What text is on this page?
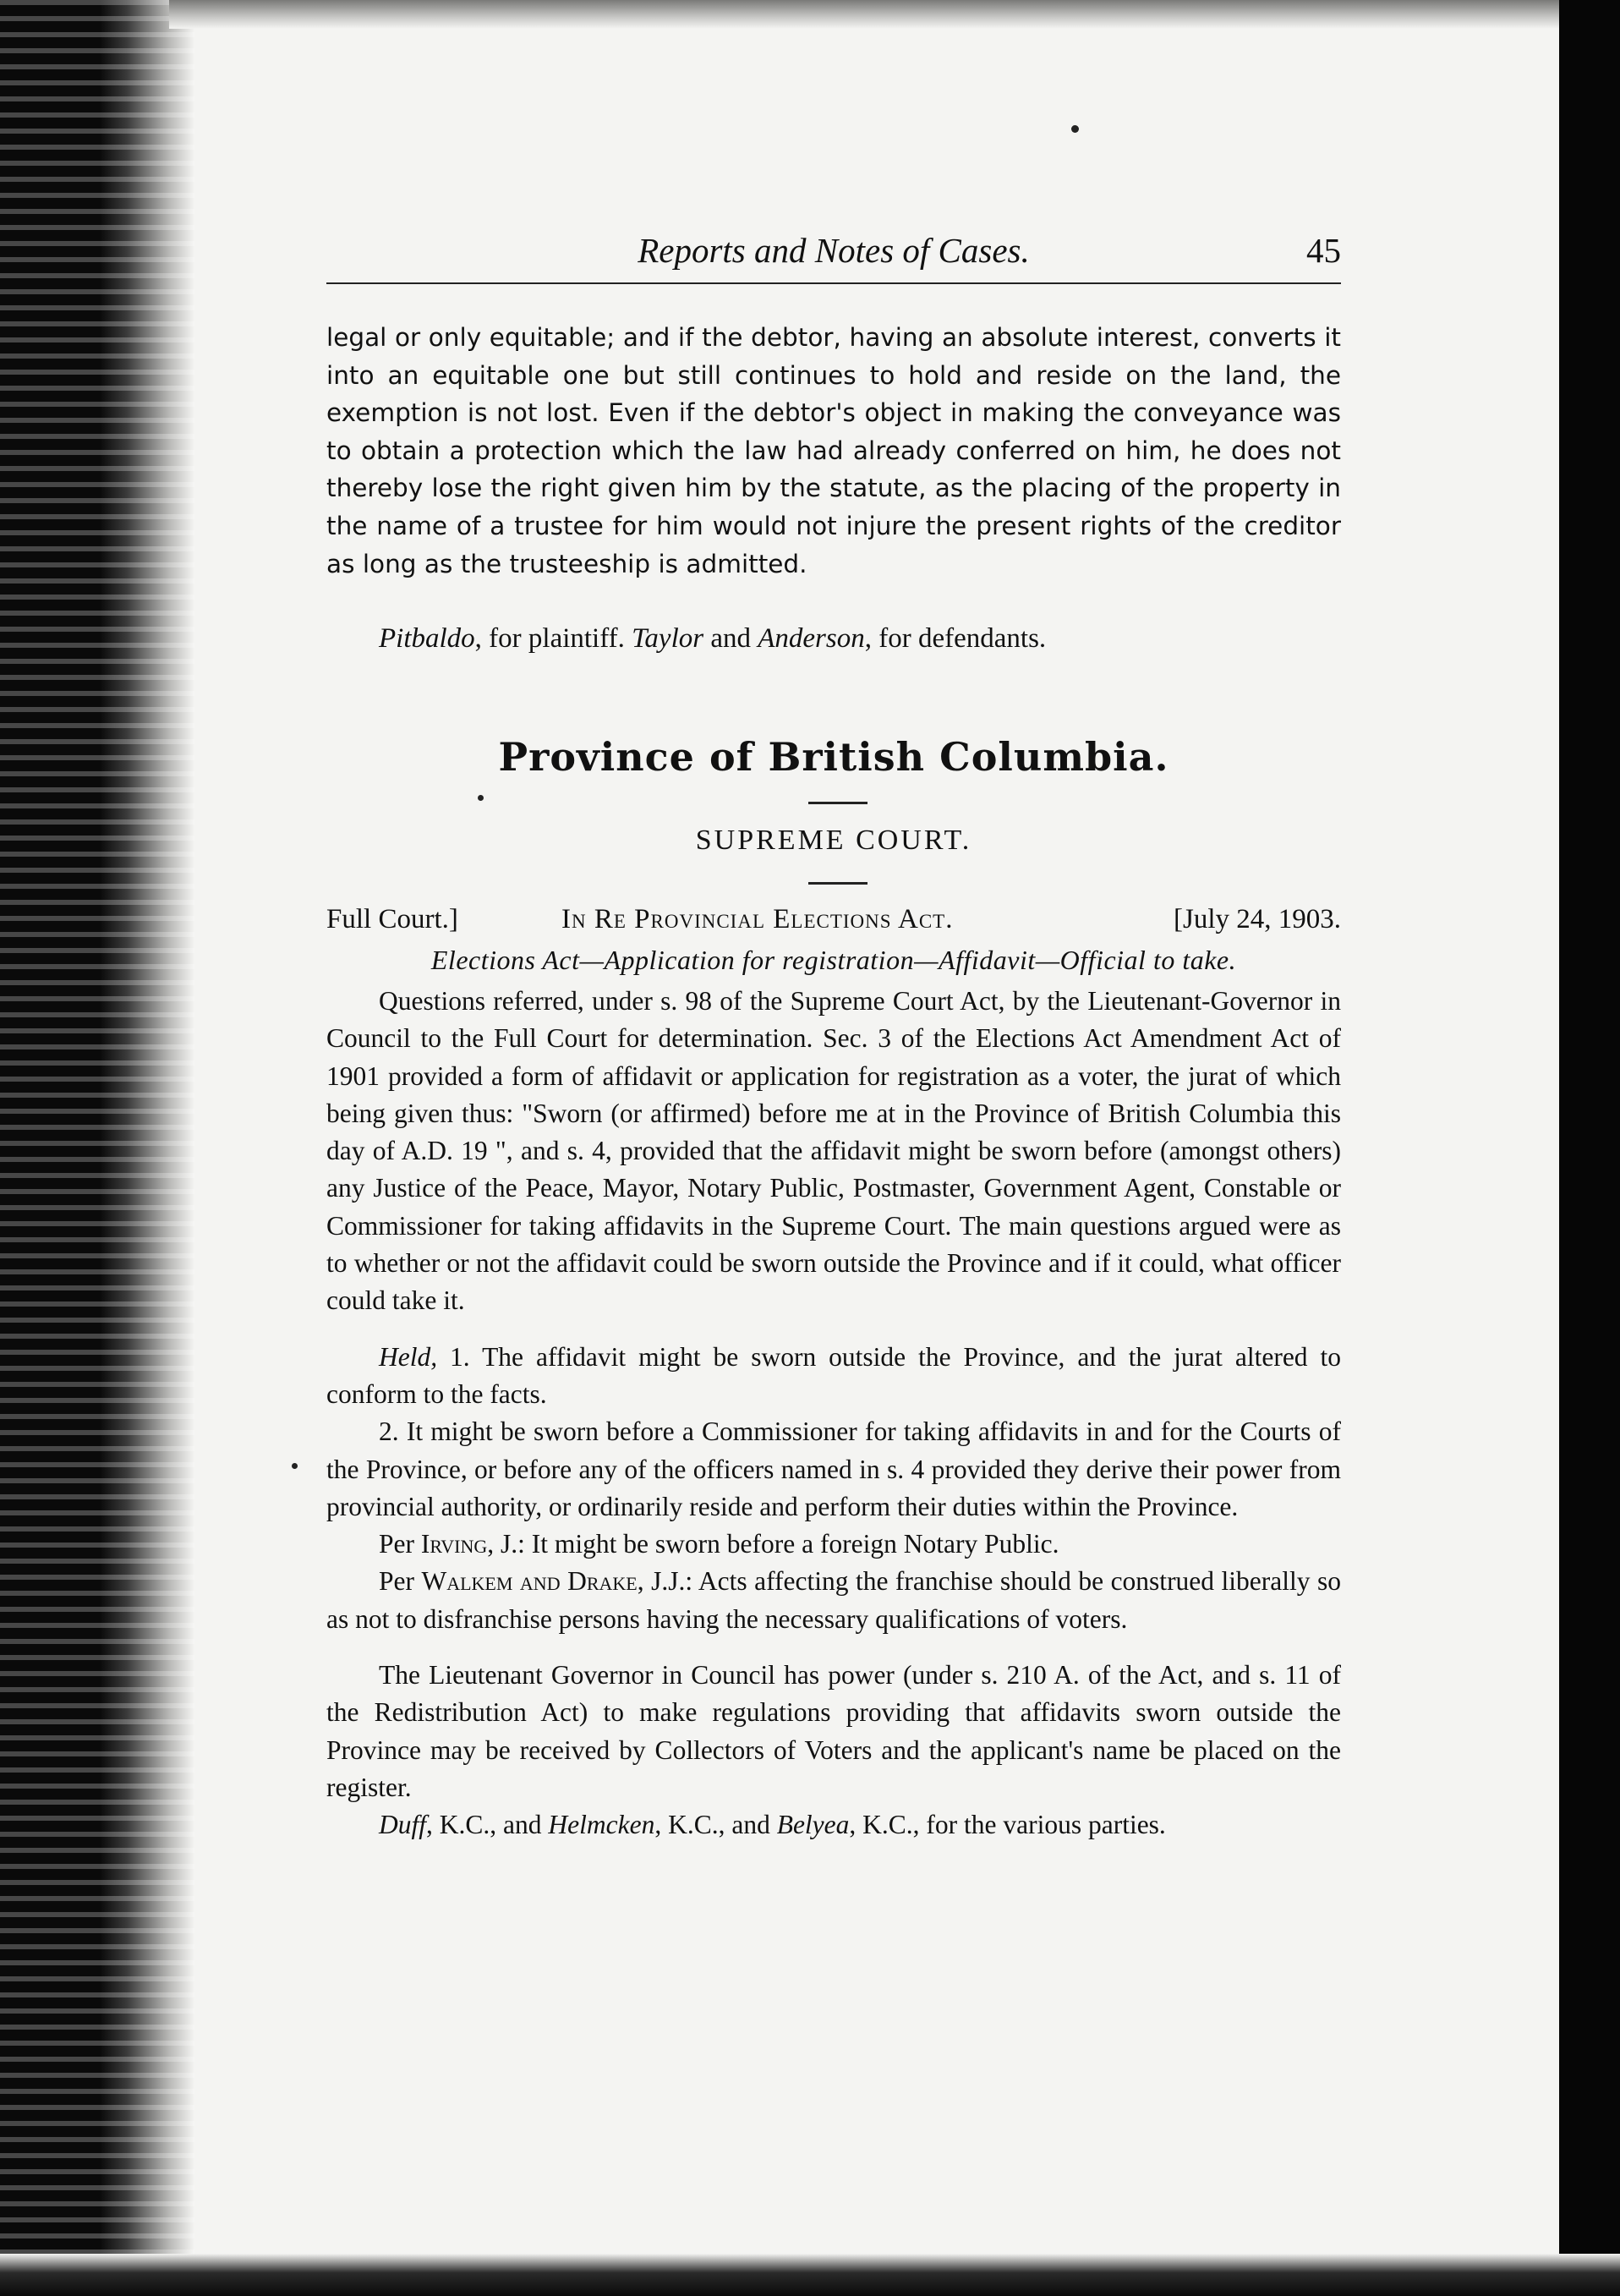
Reports and Notes of Cases.	45
legal or only equitable; and if the debtor, having an absolute interest, converts it into an equitable one but still continues to hold and reside on the land, the exemption is not lost. Even if the debtor's object in making the conveyance was to obtain a protection which the law had already conferred on him, he does not thereby lose the right given him by the statute, as the placing of the property in the name of a trustee for him would not injure the present rights of the creditor as long as the trusteeship is admitted.
Pitbaldo, for plaintiff. Taylor and Anderson, for defendants.
Province of British Columbia.
SUPREME COURT.
Full Court.]	In Re Provincial Elections Act.	[July 24, 1903.
Elections Act—Application for registration—Affidavit—Official to take.

Questions referred, under s. 98 of the Supreme Court Act, by the Lieutenant-Governor in Council to the Full Court for determination. Sec. 3 of the Elections Act Amendment Act of 1901 provided a form of affidavit or application for registration as a voter, the jurat of which being given thus: "Sworn (or affirmed) before me at in the Province of British Columbia this day of A.D. 19 ", and s. 4, provided that the affidavit might be sworn before (amongst others) any Justice of the Peace, Mayor, Notary Public, Postmaster, Government Agent, Constable or Commissioner for taking affidavits in the Supreme Court. The main questions argued were as to whether or not the affidavit could be sworn outside the Province and if it could, what officer could take it.

Held, 1. The affidavit might be sworn outside the Province, and the jurat altered to conform to the facts.

2. It might be sworn before a Commissioner for taking affidavits in and for the Courts of the Province, or before any of the officers named in s. 4 provided they derive their power from provincial authority, or ordinarily reside and perform their duties within the Province.

Per Irving, J.: It might be sworn before a foreign Notary Public.

Per Walkem and Drake, J.J.: Acts affecting the franchise should be construed liberally so as not to disfranchise persons having the necessary qualifications of voters.

The Lieutenant Governor in Council has power (under s. 210 A. of the Act, and s. 11 of the Redistribution Act) to make regulations providing that affidavits sworn outside the Province may be received by Collectors of Voters and the applicant's name be placed on the register.

Duff, K.C., and Helmcken, K.C., and Belyea, K.C., for the various parties.
